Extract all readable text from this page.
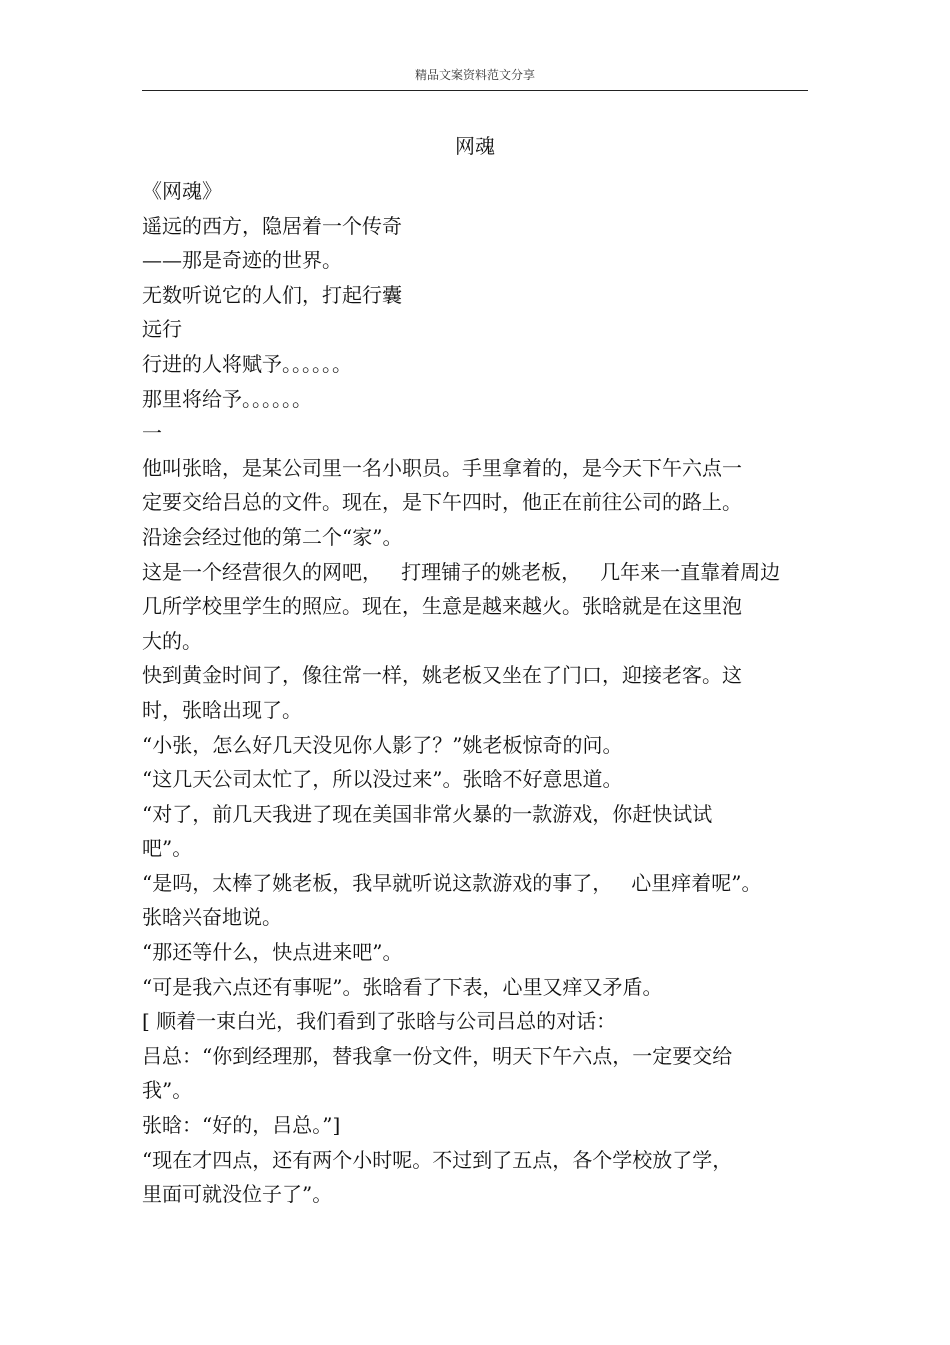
精品文案资料范文分享
网魂
《网魂》
遥远的西方，隐居着一个传奇
——那是奇迹的世界。
无数听说它的人们，打起行囊
远行
行进的人将赋予。。。。。。
那里将给予。。。。。。
一
他叫张晗，是某公司里一名小职员。手里拿着的，是今天下午六点一
定要交给吕总的文件。现在，是下午四时，他正在前往公司的路上。
沿途会经过他的第二个“家”。
这是一个经营很久的网吧，   打理铺子的姚老板，   几年来一直靠着周边
几所学校里学生的照应。现在，生意是越来越火。张晗就是在这里泡
大的。
快到黄金时间了，像往常一样，姚老板又坐在了门口，迎接老客。这
时，张晗出现了。
“小张，怎么好几天没见你人影了？”姚老板惊奇的问。
“这几天公司太忙了，所以没过来”。张晗不好意思道。
“对了，前几天我进了现在美国非常火暴的一款游戏，你赶快试试
吧”。
“是吗，太棒了姚老板，我早就听说这款游戏的事了，   心里痒着呢”。
张晗兴奋地说。
“那还等什么，快点进来吧”。
“可是我六点还有事呢”。张晗看了下表，心里又痒又矛盾。
[ 顺着一束白光，我们看到了张晗与公司吕总的对话：
吕总：“你到经理那，替我拿一份文件，明天下午六点，一定要交给
我”。
张晗：“好的，吕总。”]
“现在才四点，还有两个小时呢。不过到了五点，各个学校放了学，
里面可就没位子了”。
